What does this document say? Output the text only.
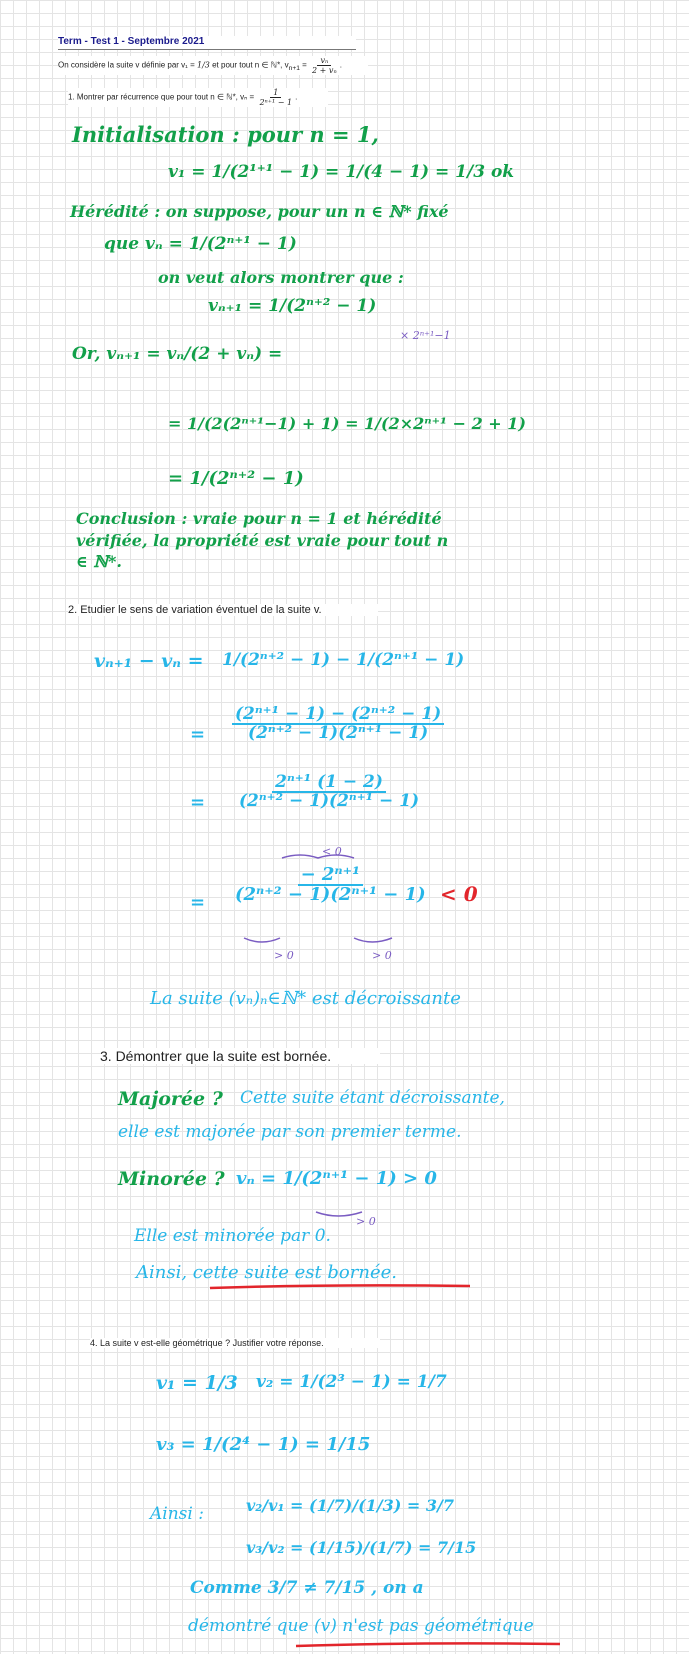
Term - Test 1 - Septembre 2021
On considère la suite v définie par v₁ = 1/3 et pour tout n ∈ ℕ*, $v_{n+1} = \frac{\text{vₙ}}{\text{2 + vₙ}}$ .
1. Montrer par récurrence que pour tout n ∈ ℕ*, $v_n = \frac{1}{\text{2ⁿ⁺¹ − 1}}$ .
2. Etudier le sens de variation éventuel de la suite v.
3. Démontrer que la suite est bornée.
4. La suite v est-elle géométrique ? Justifier votre réponse.
Initialisation : pour n = 1,
v₁ = 1/(2¹⁺¹ − 1) = 1/(4 − 1) = 1/3 ok
Hérédité : on suppose, pour un n ∈ ℕ* fixé
que vₙ = 1/(2ⁿ⁺¹ − 1)
on veut alors montrer que :
vₙ₊₁ = 1/(2ⁿ⁺² − 1)
Or, vₙ₊₁ = vₙ/(2 + vₙ) =
× 2ⁿ⁺¹−1
= 1/(2(2ⁿ⁺¹−1) + 1) = 1/(2×2ⁿ⁺¹ − 2 + 1)
= 1/(2ⁿ⁺² − 1)
Conclusion : vraie pour n = 1 et hérédité vérifiée, la propriété est vraie pour tout n ∈ ℕ*.
vₙ₊₁ − vₙ = 1/(2ⁿ⁺² − 1) − 1/(2ⁿ⁺¹ − 1)
= $\frac{\text{(2ⁿ⁺¹ − 1) − (2ⁿ⁺² − 1)}}{\text{(2ⁿ⁺² − 1)(2ⁿ⁺¹ − 1)}}$
= $\frac{\text{2ⁿ⁺¹ (1 − 2)}}{\text{(2ⁿ⁺² − 1)(2ⁿ⁺¹ − 1)}}$
< 0
= $\frac{\text{− 2ⁿ⁺¹}}{\text{(2ⁿ⁺² − 1)(2ⁿ⁺¹ − 1)}} < 0$
> 0	> 0
La suite (vₙ)ₙ∈ℕ* est décroissante
Majorée ? Cette suite étant décroissante,
elle est majorée par son premier terme.
Minorée ? vₙ = 1/(2ⁿ⁺¹ − 1) > 0
> 0
Elle est minorée par 0.
Ainsi, cette suite est bornée.
v₁ = 1/3 v₂ = 1/(2³ − 1) = 1/7
v₃ = 1/(2⁴ − 1) = 1/15
Ainsi :	v₂/v₁ = (1/7)/(1/3) = 3/7
v₃/v₂ = (1/15)/(1/7) = 7/15
Comme 3/7 ≠ 7/15 , on a
démontré que (v) n'est pas géométrique
